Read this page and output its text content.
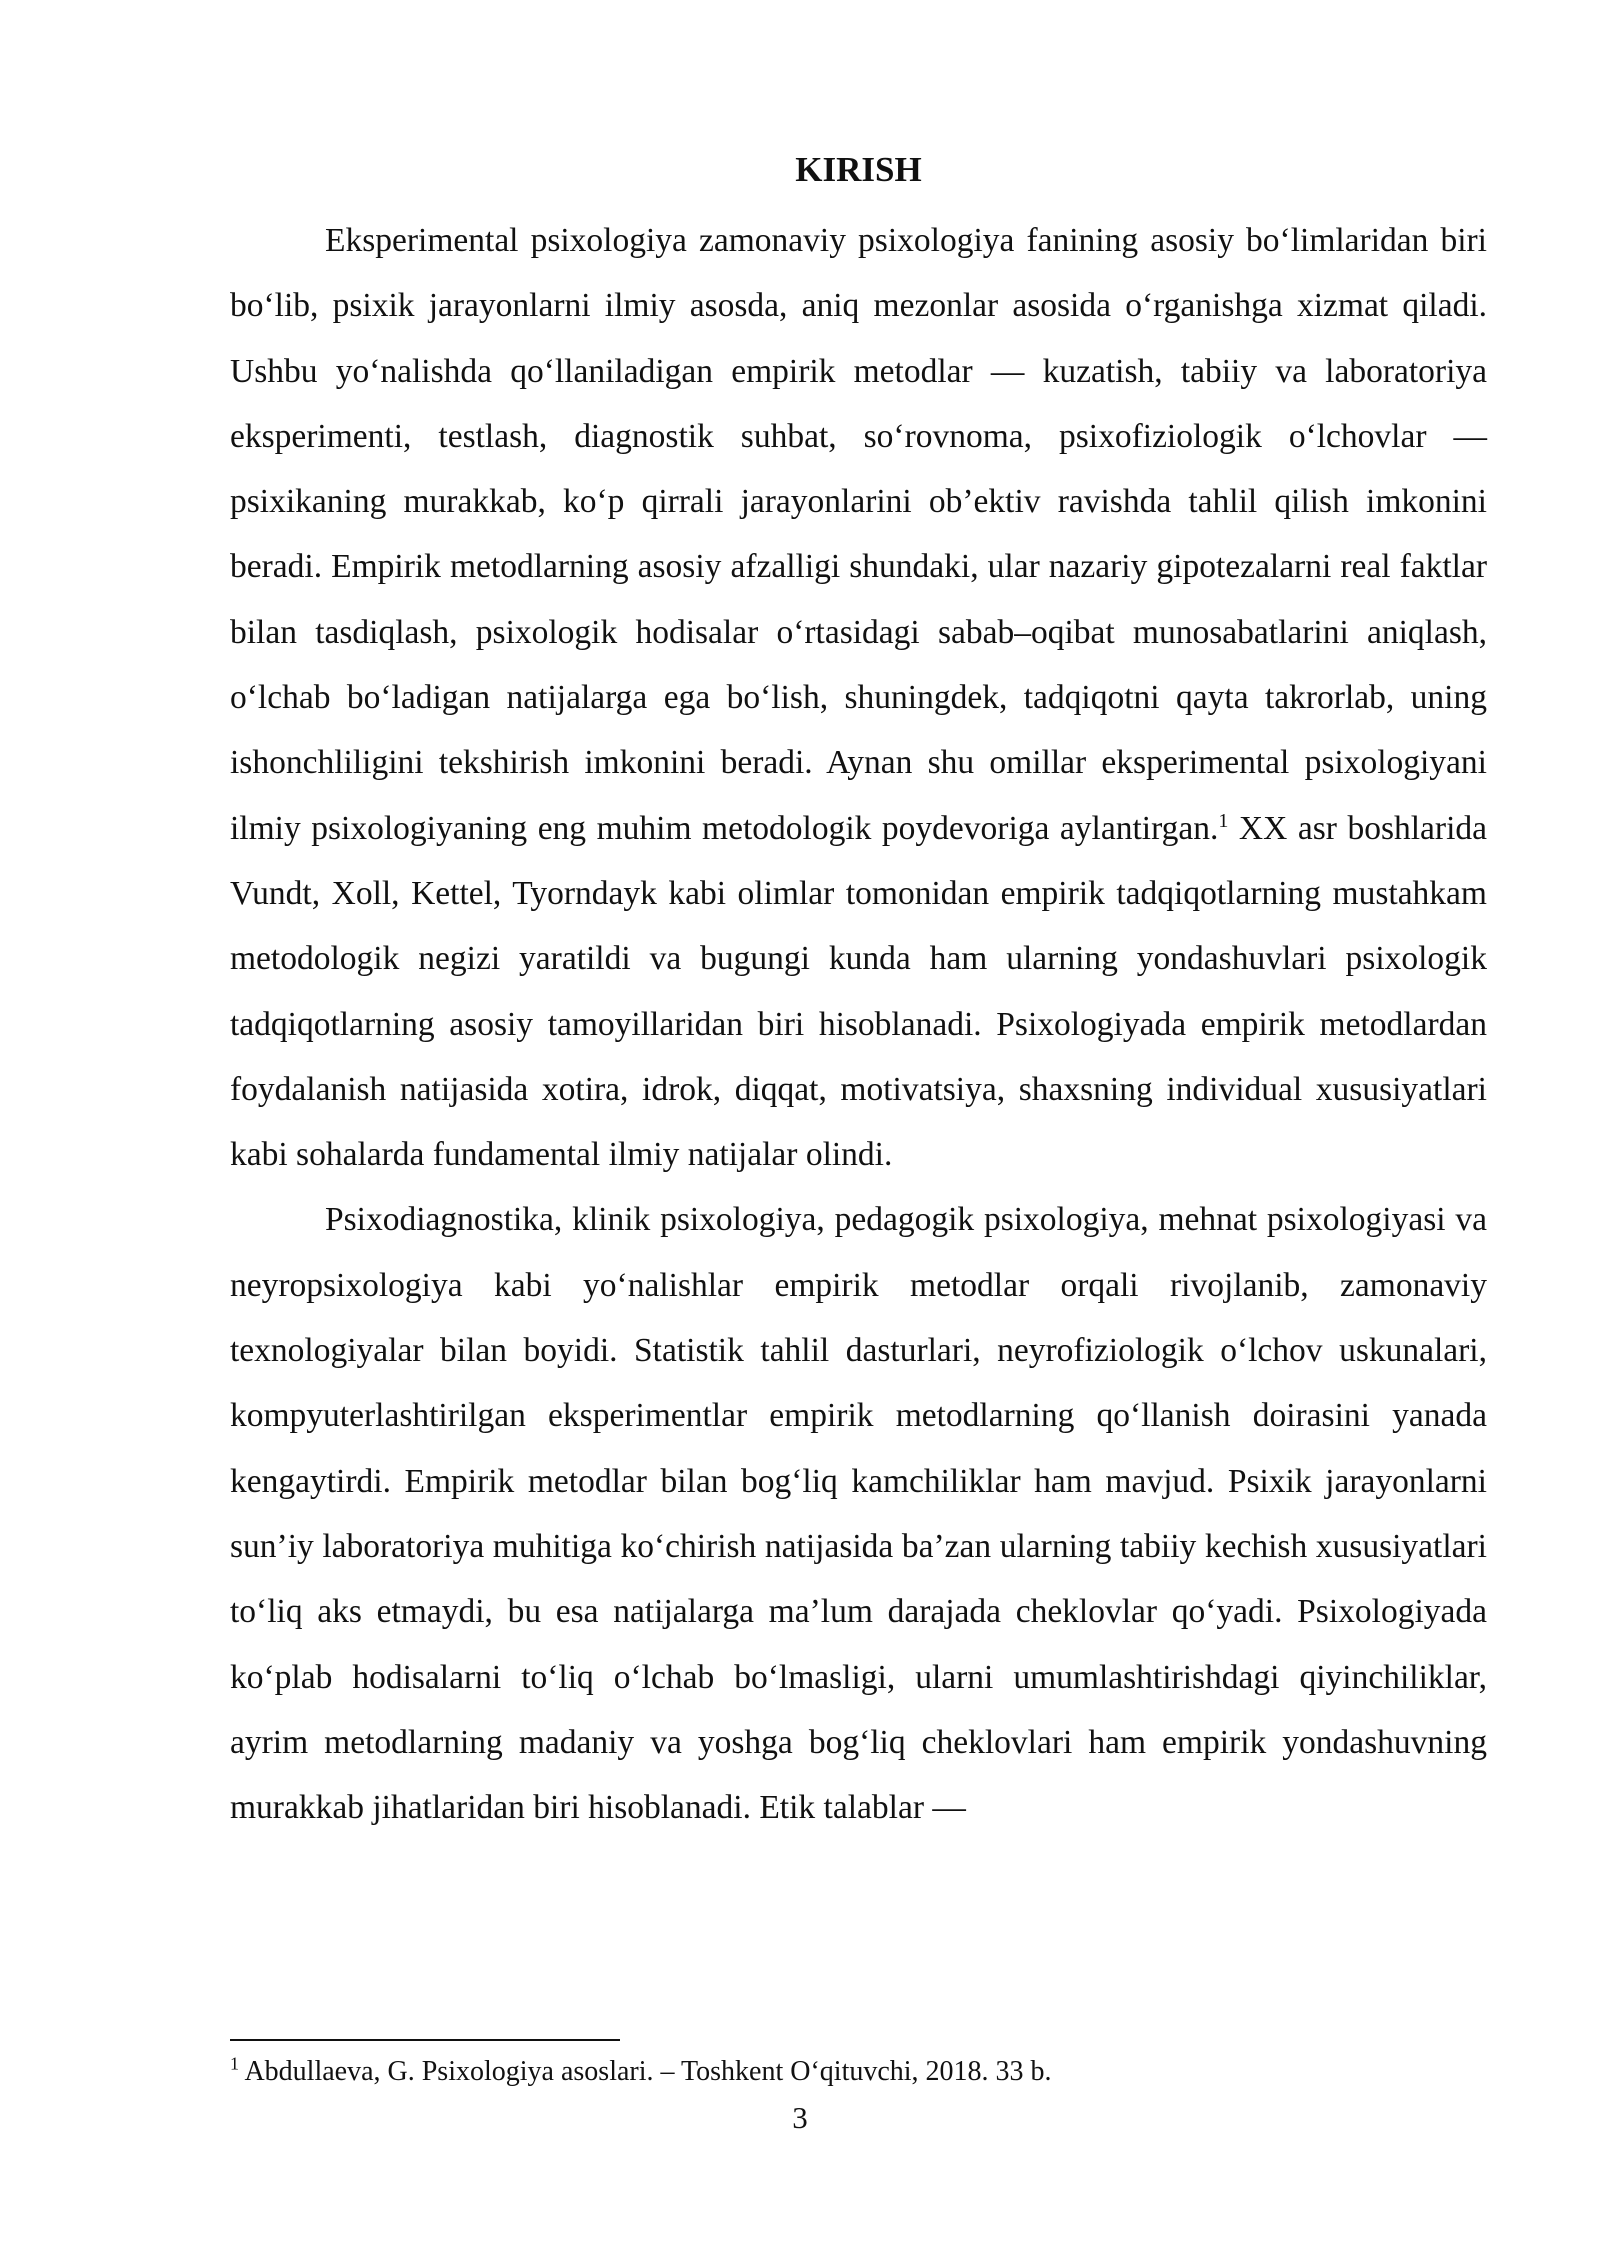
KIRISH

Eksperimental psixologiya zamonaviy psixologiya fanining asosiy bo‘limlaridan biri bo‘lib, psixik jarayonlarni ilmiy asosda, aniq mezonlar asosida o‘rganishga xizmat qiladi. Ushbu yo‘nalishda qo‘llaniladigan empirik metodlar — kuzatish, tabiiy va laboratoriya eksperimenti, testlash, diagnostik suhbat, so‘rovnoma, psixofiziologik o‘lchovlar — psixikaning murakkab, ko‘p qirrali jarayonlarini ob’ektiv ravishda tahlil qilish imkonini beradi. Empirik metodlarning asosiy afzalligi shundaki, ular nazariy gipotezalarni real faktlar bilan tasdiqlash, psixologik hodisalar o‘rtasidagi sabab–oqibat munosabatlarini aniqlash, o‘lchab bo‘ladigan natijalarga ega bo‘lish, shuningdek, tadqiqotni qayta takrorlab, uning ishonchliligini tekshirish imkonini beradi. Aynan shu omillar eksperimental psixologiyani ilmiy psixologiyaning eng muhim metodologik poydevoriga aylantirgan.$^1$ XX asr boshlarida Vundt, Xoll, Kettel, Tyorndayk kabi olimlar tomonidan empirik tadqiqotlarning mustahkam metodologik negizi yaratildi va bugungi kunda ham ularning yondashuvlari psixologik tadqiqotlarning asosiy tamoyillaridan biri hisoblanadi. Psixologiyada empirik metodlardan foydalanish natijasida xotira, idrok, diqqat, motivatsiya, shaxsning individual xususiyatlari kabi sohalarda fundamental ilmiy natijalar olindi.

Psixodiagnostika, klinik psixologiya, pedagogik psixologiya, mehnat psixologiyasi va neyropsixologiya kabi yo‘nalishlar empirik metodlar orqali rivojlanib, zamonaviy texnologiyalar bilan boyidi. Statistik tahlil dasturlari, neyrofiziologik o‘lchov uskunalari, kompyuterlashtirilgan eksperimentlar empirik metodlarning qo‘llanish doirasini yanada kengaytirdi. Empirik metodlar bilan bog‘liq kamchiliklar ham mavjud. Psixik jarayonlarni sun’iy laboratoriya muhitiga ko‘chirish natijasida ba’zan ularning tabiiy kechish xususiyatlari to‘liq aks etmaydi, bu esa natijalarga ma’lum darajada cheklovlar qo‘yadi. Psixologiyada ko‘plab hodisalarni to‘liq o‘lchab bo‘lmasligi, ularni umumlashtirishdagi qiyinchiliklar, ayrim metodlarning madaniy va yoshga bog‘liq cheklovlari ham empirik yondashuvning murakkab jihatlaridan biri hisoblanadi. Etik talablar —

$^1$ Abdullaeva, G. Psixologiya asoslari. – Toshkent O‘qituvchi, 2018. 33 b.

3
